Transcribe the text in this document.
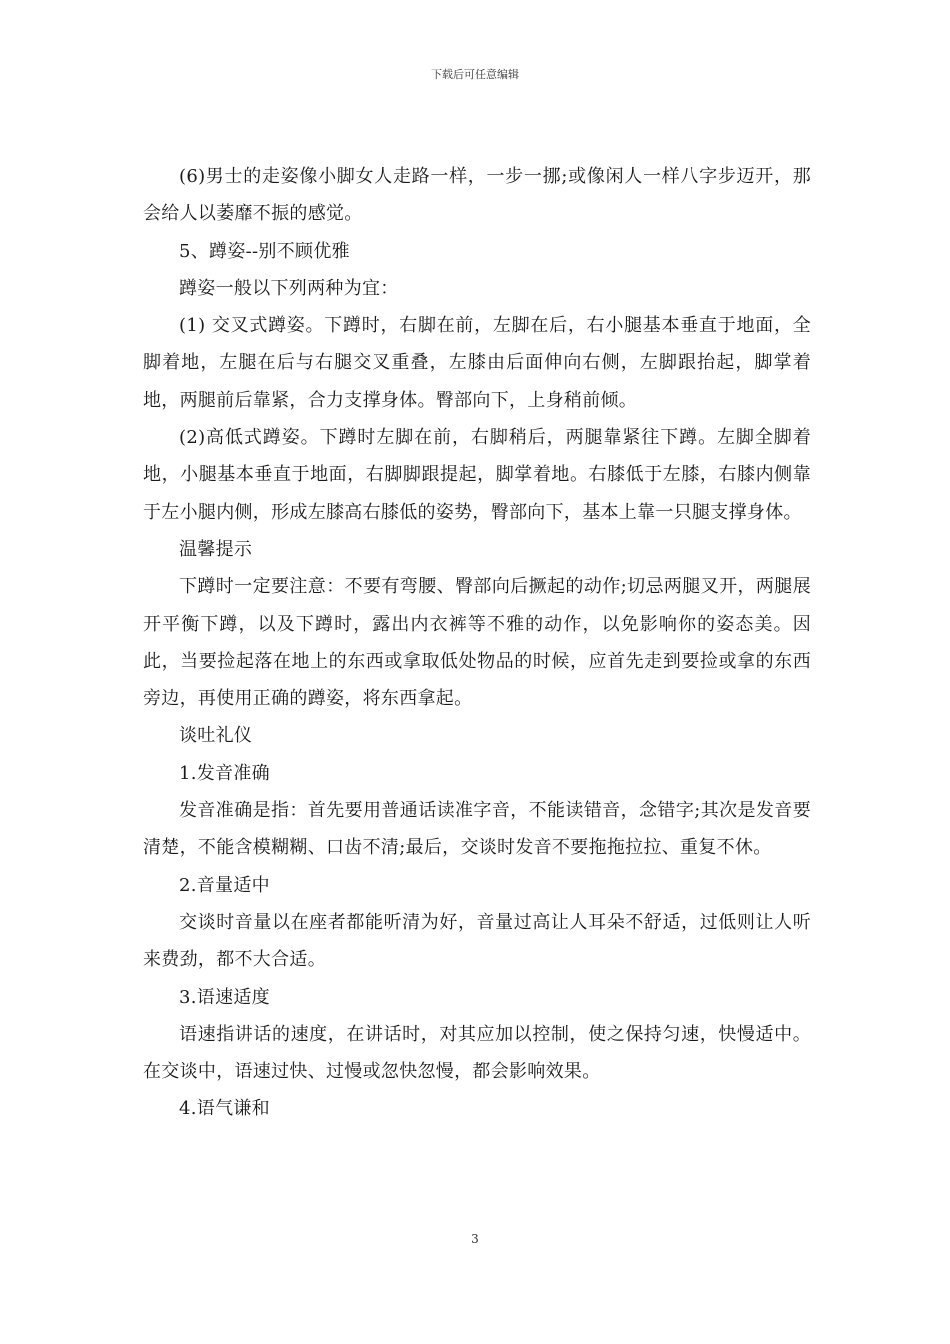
下载后可任意编辑

(6)男士的走姿像小脚女人走路一样，一步一挪;或像闲人一样八字步迈开，那会给人以萎靡不振的感觉。

5、蹲姿--别不顾优雅

蹲姿一般以下列两种为宜：

(1) 交叉式蹲姿。下蹲时，右脚在前，左脚在后，右小腿基本垂直于地面，全脚着地，左腿在后与右腿交叉重叠，左膝由后面伸向右侧，左脚跟抬起，脚掌着地，两腿前后靠紧，合力支撑身体。臀部向下，上身稍前倾。

(2)高低式蹲姿。下蹲时左脚在前，右脚稍后，两腿靠紧往下蹲。左脚全脚着地，小腿基本垂直于地面，右脚脚跟提起，脚掌着地。右膝低于左膝，右膝内侧靠于左小腿内侧，形成左膝高右膝低的姿势，臀部向下，基本上靠一只腿支撑身体。

温馨提示

下蹲时一定要注意：不要有弯腰、臀部向后撅起的动作;切忌两腿叉开，两腿展开平衡下蹲，以及下蹲时，露出内衣裤等不雅的动作，以免影响你的姿态美。因此，当要捡起落在地上的东西或拿取低处物品的时候，应首先走到要捡或拿的东西旁边，再使用正确的蹲姿，将东西拿起。

谈吐礼仪

1.发音准确

发音准确是指：首先要用普通话读准字音，不能读错音，念错字;其次是发音要清楚，不能含模糊糊、口齿不清;最后，交谈时发音不要拖拖拉拉、重复不休。

2.音量适中

交谈时音量以在座者都能听清为好，音量过高让人耳朵不舒适，过低则让人听来费劲，都不大合适。

3.语速适度

语速指讲话的速度，在讲话时，对其应加以控制，使之保持匀速，快慢适中。在交谈中，语速过快、过慢或忽快忽慢，都会影响效果。

4.语气谦和

3
